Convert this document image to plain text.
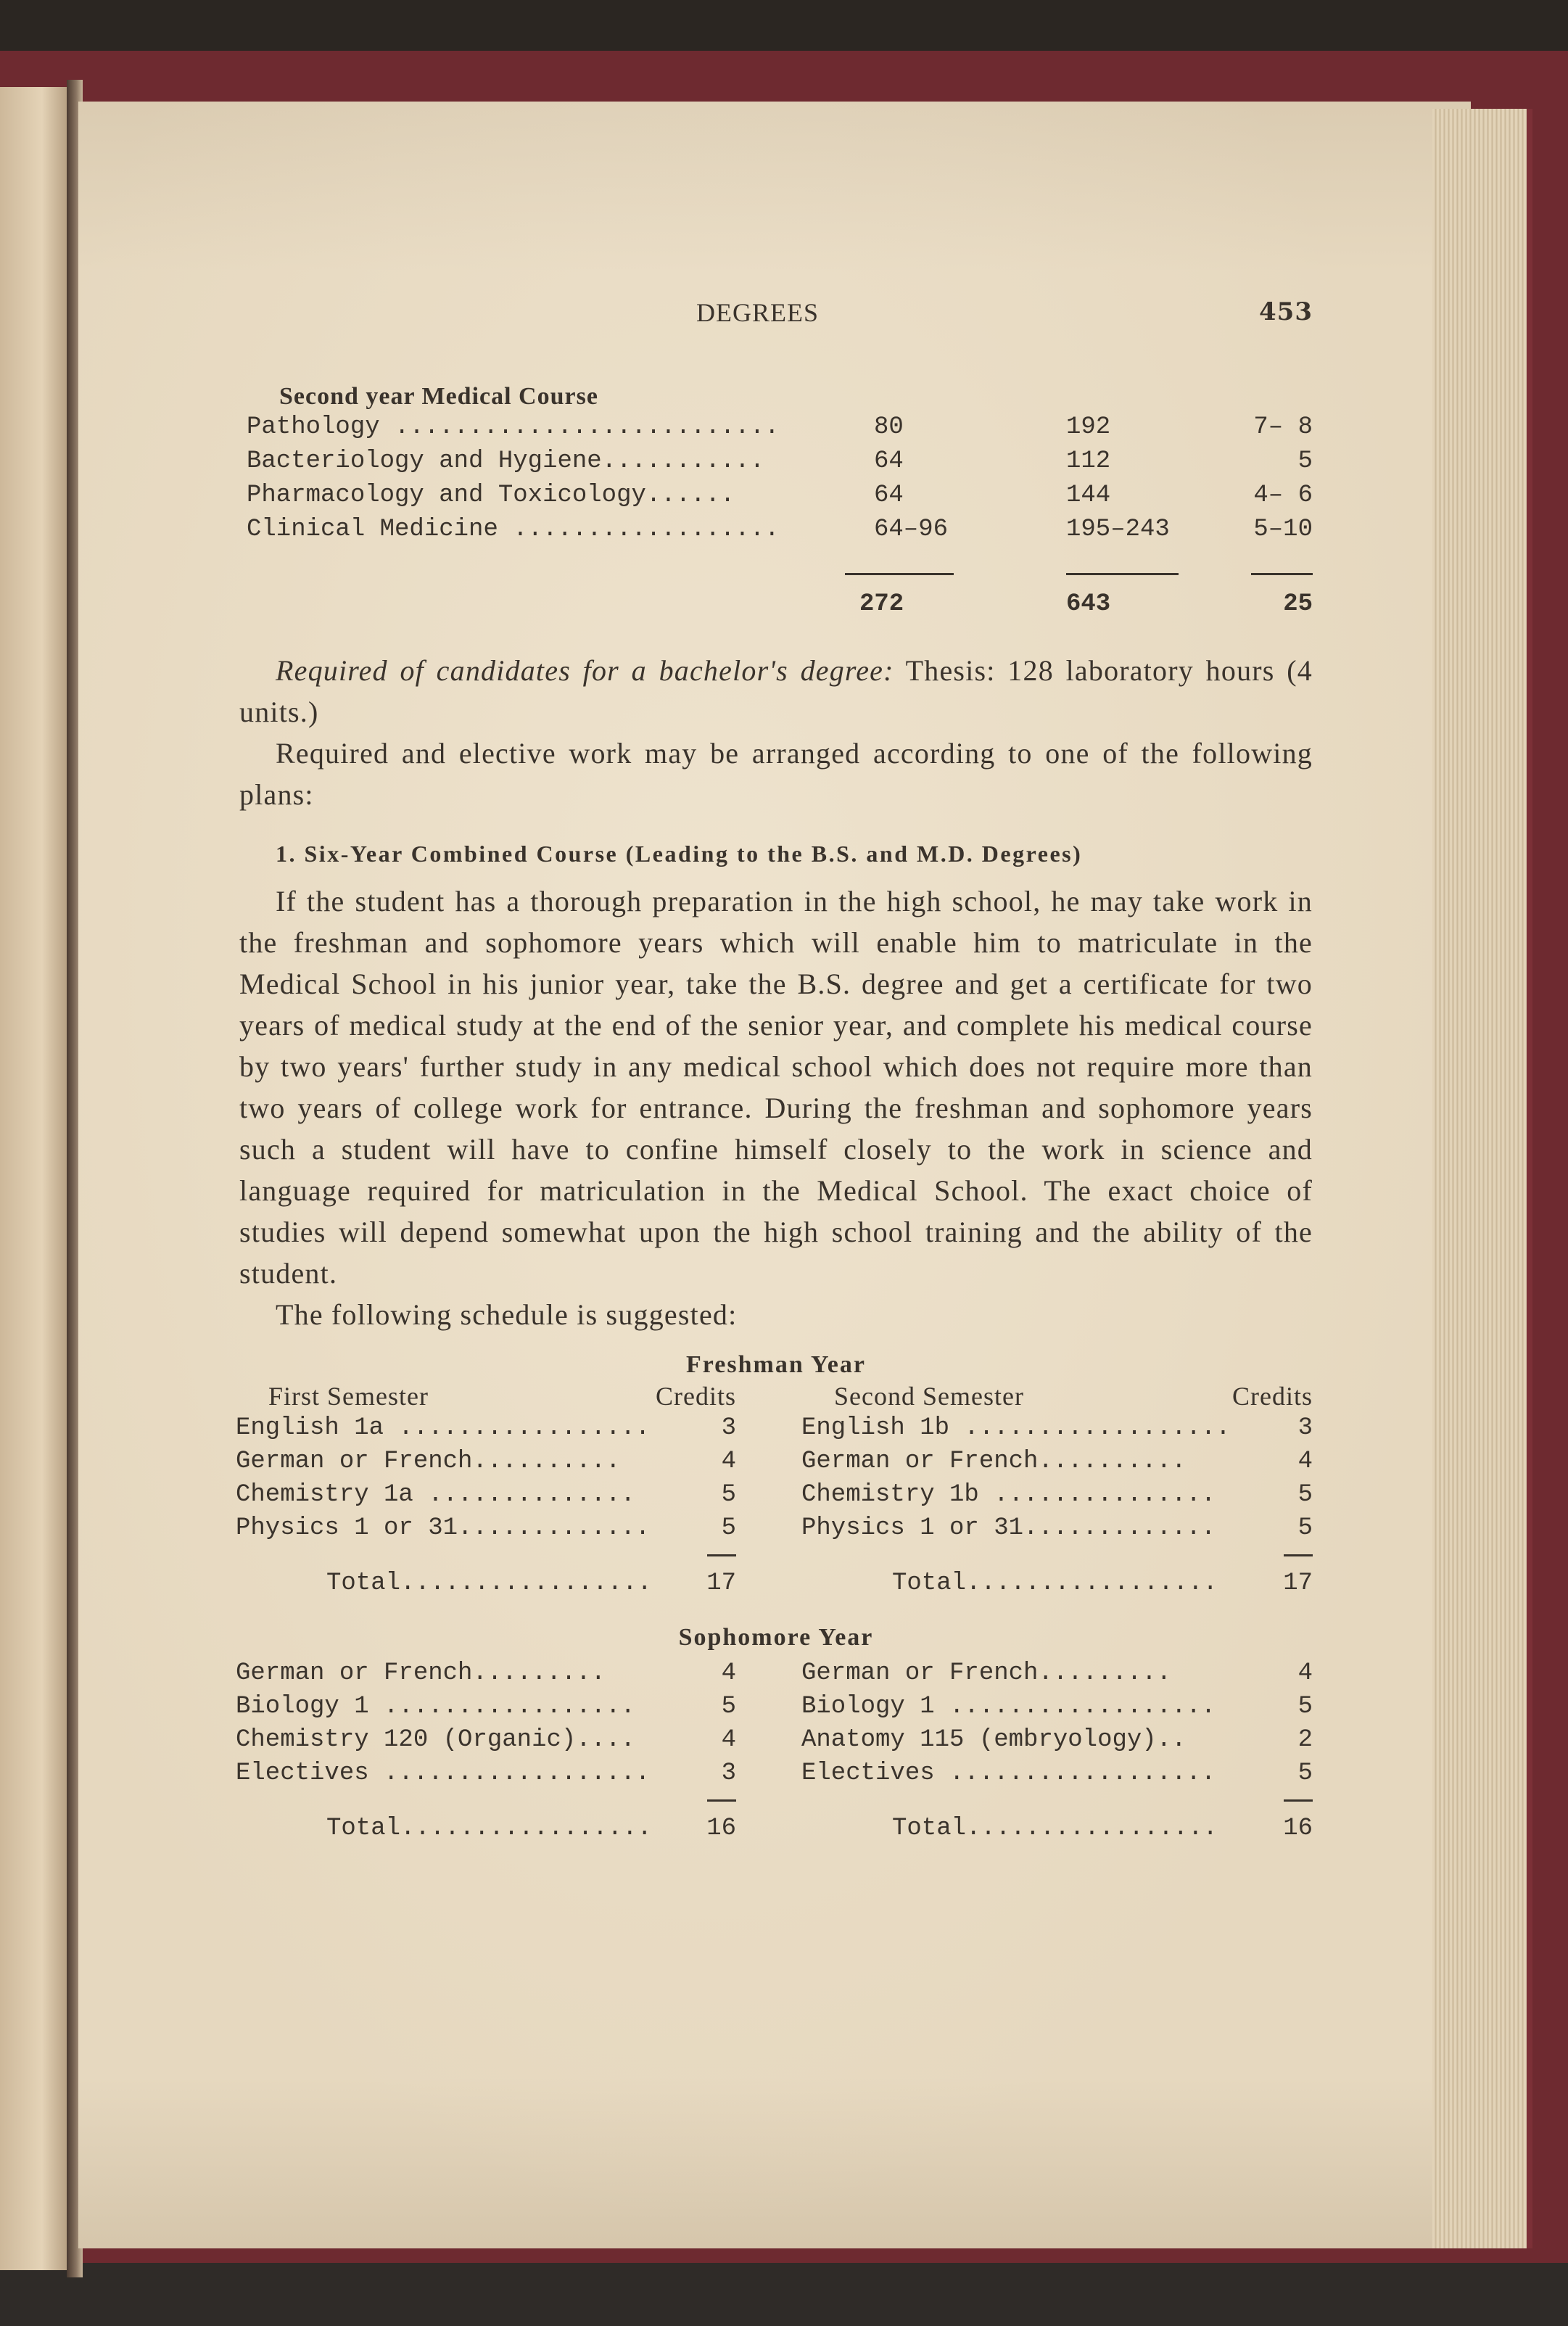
DEGREES	453
Second year Medical Course
Pathology ..........................	80	192	7– 8
Bacteriology and Hygiene...........	64	112	5
Pharmacology and Toxicology......	64	144	4– 6
Clinical Medicine ..................	64–96	195–243	5–10
272	643	25

Required of candidates for a bachelor's degree: Thesis: 128 laboratory hours (4 units.)

Required and elective work may be arranged according to one of the following plans:

1. Six-Year Combined Course (Leading to the B.S. and M.D. Degrees)

If the student has a thorough preparation in the high school, he may take work in the freshman and sophomore years which will enable him to matriculate in the Medical School in his junior year, take the B.S. degree and get a certificate for two years of medical study at the end of the senior year, and complete his medical course by two years' further study in any medical school which does not require more than two years of college work for entrance. During the freshman and sophomore years such a student will have to confine himself closely to the work in science and language required for matriculation in the Medical School. The exact choice of studies will depend somewhat upon the high school training and the ability of the student.

The following schedule is suggested:

Freshman Year
First Semester	Credits
English 1a .................	3
German or French..........	4
Chemistry 1a ..............	5
Physics 1 or 31.............	5
Total................. 17
Second Semester	Credits
English 1b ..................	3
German or French..........	4
Chemistry 1b ...............	5
Physics 1 or 31.............	5
Total.................	17
Sophomore Year
German or French.........	4
Biology 1 .................	5
Chemistry 120 (Organic)....	4
Electives ..................	3
Total................. 16
German or French.........	4
Biology 1 ..................	5
Anatomy 115 (embryology)..	2
Electives ..................	5
Total.................	16
